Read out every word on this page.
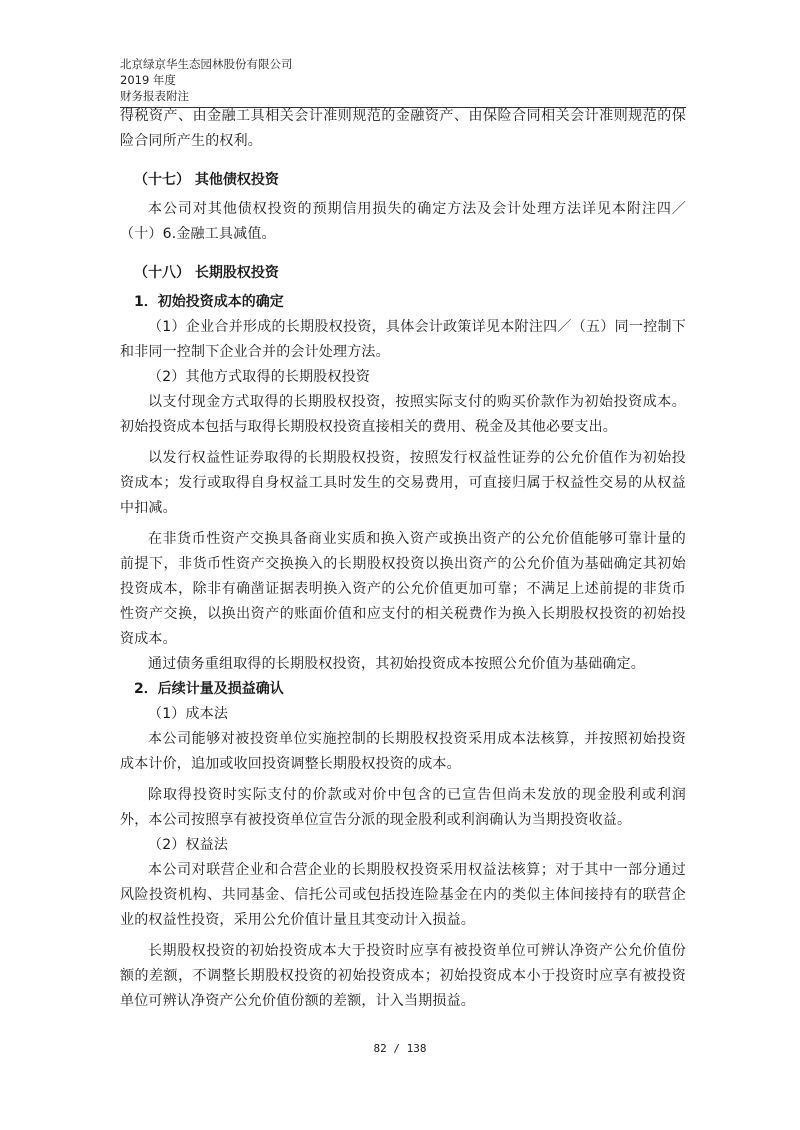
北京绿京华生态园林股份有限公司
2019 年度
财务报表附注

得税资产、由金融工具相关会计准则规范的金融资产、由保险合同相关会计准则规范的保险合同所产生的权利。

（十七） 其他债权投资

本公司对其他债权投资的预期信用损失的确定方法及会计处理方法详见本附注四／（十）6.金融工具减值。

（十八） 长期股权投资

1．初始投资成本的确定

（1）企业合并形成的长期股权投资，具体会计政策详见本附注四／（五）同一控制下和非同一控制下企业合并的会计处理方法。

（2）其他方式取得的长期股权投资

以支付现金方式取得的长期股权投资，按照实际支付的购买价款作为初始投资成本。初始投资成本包括与取得长期股权投资直接相关的费用、税金及其他必要支出。

以发行权益性证券取得的长期股权投资，按照发行权益性证券的公允价值作为初始投资成本；发行或取得自身权益工具时发生的交易费用，可直接归属于权益性交易的从权益中扣减。

在非货币性资产交换具备商业实质和换入资产或换出资产的公允价值能够可靠计量的前提下，非货币性资产交换换入的长期股权投资以换出资产的公允价值为基础确定其初始投资成本，除非有确凿证据表明换入资产的公允价值更加可靠；不满足上述前提的非货币性资产交换，以换出资产的账面价值和应支付的相关税费作为换入长期股权投资的初始投资成本。

通过债务重组取得的长期股权投资，其初始投资成本按照公允价值为基础确定。

2．后续计量及损益确认

（1）成本法

本公司能够对被投资单位实施控制的长期股权投资采用成本法核算，并按照初始投资成本计价，追加或收回投资调整长期股权投资的成本。

除取得投资时实际支付的价款或对价中包含的已宣告但尚未发放的现金股利或利润外，本公司按照享有被投资单位宣告分派的现金股利或利润确认为当期投资收益。

（2）权益法

本公司对联营企业和合营企业的长期股权投资采用权益法核算；对于其中一部分通过风险投资机构、共同基金、信托公司或包括投连险基金在内的类似主体间接持有的联营企业的权益性投资，采用公允价值计量且其变动计入损益。

长期股权投资的初始投资成本大于投资时应享有被投资单位可辨认净资产公允价值份额的差额，不调整长期股权投资的初始投资成本；初始投资成本小于投资时应享有被投资单位可辨认净资产公允价值份额的差额，计入当期损益。

82 / 138
